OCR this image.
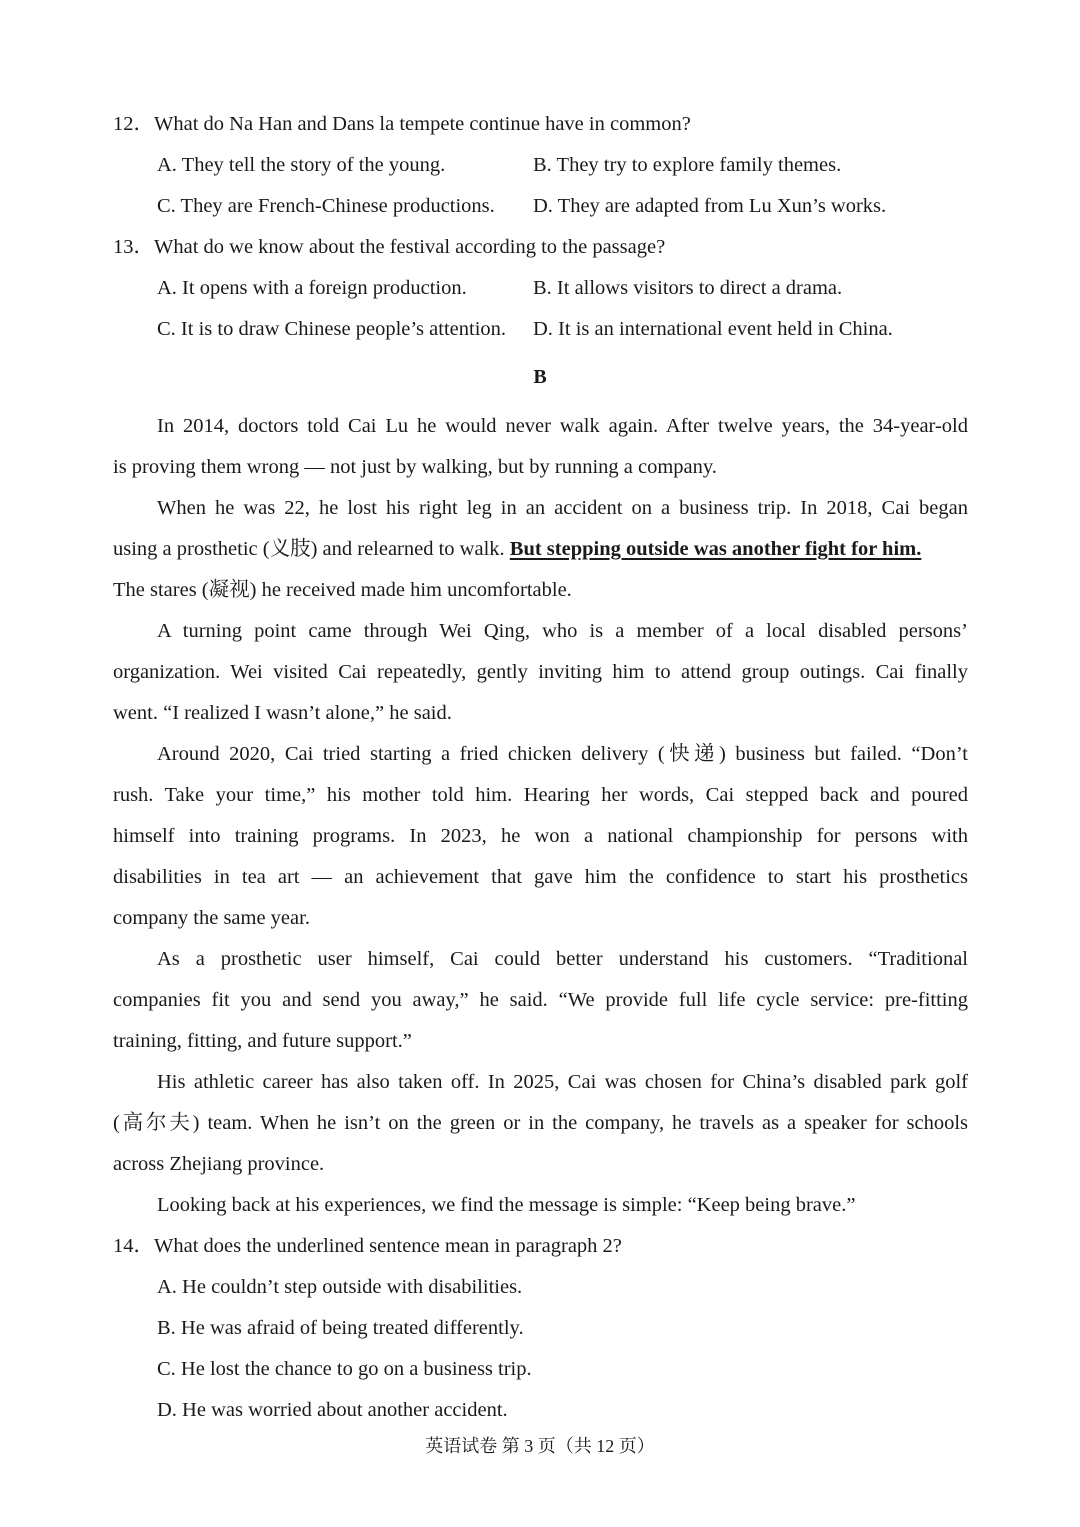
12．What do Na Han and Dans la tempete continue have in common?
A. They tell the story of the young.	B. They try to explore family themes.
C. They are French-Chinese productions. D. They are adapted from Lu Xun’s works.
13．What do we know about the festival according to the passage?
A. It opens with a foreign production.	B. It allows visitors to direct a drama.
C. It is to draw Chinese people’s attention. D. It is an international event held in China.
B
In 2014, doctors told Cai Lu he would never walk again. After twelve years, the 34-year-old
is proving them wrong — not just by walking, but by running a company.
When he was 22, he lost his right leg in an accident on a business trip. In 2018, Cai began
using a prosthetic (义肢) and relearned to walk. But stepping outside was another fight for him.
The stares (凝视) he received made him uncomfortable.
A turning point came through Wei Qing, who is a member of a local disabled persons’
organization. Wei visited Cai repeatedly, gently inviting him to attend group outings. Cai finally
went. “I realized I wasn’t alone,” he said.
Around 2020, Cai tried starting a fried chicken delivery (快递) business but failed. “Don’t
rush. Take your time,” his mother told him. Hearing her words, Cai stepped back and poured
himself into training programs. In 2023, he won a national championship for persons with
disabilities in tea art — an achievement that gave him the confidence to start his prosthetics
company the same year.
As a prosthetic user himself, Cai could better understand his customers. “Traditional
companies fit you and send you away,” he said. “We provide full life cycle service: pre-fitting
training, fitting, and future support.”
His athletic career has also taken off. In 2025, Cai was chosen for China’s disabled park golf
(高尔夫) team. When he isn’t on the green or in the company, he travels as a speaker for schools
across Zhejiang province.
Looking back at his experiences, we find the message is simple: “Keep being brave.”
14．What does the underlined sentence mean in paragraph 2?
A. He couldn’t step outside with disabilities.
B. He was afraid of being treated differently.
C. He lost the chance to go on a business trip.
D. He was worried about another accident.
英语试卷 第 3 页（共 12 页）
